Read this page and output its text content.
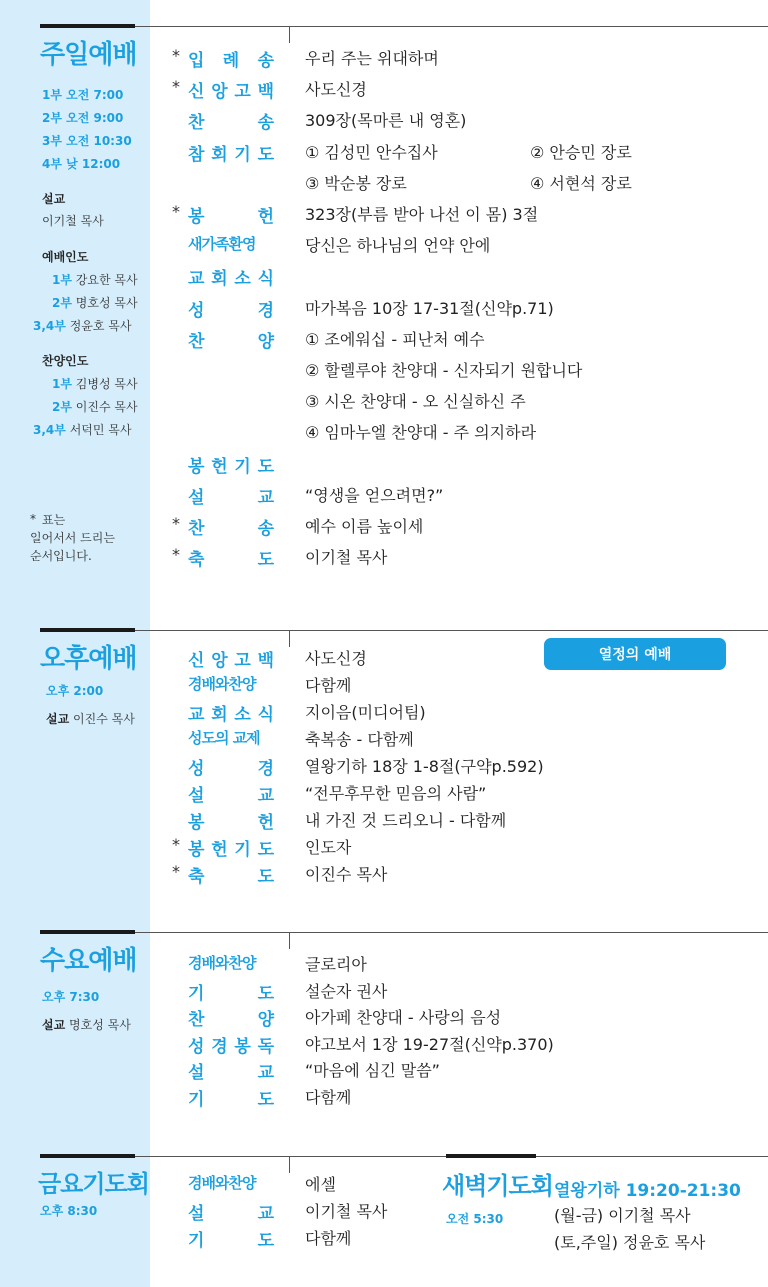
주일예배
1부 오전 7:00
2부 오전 9:00
3부 오전 10:30
4부 낮 12:00
설교
이기철 목사
예배인도
1부 강요한 목사
2부 명호성 목사
3,4부 정윤호 목사
찬양인도
1부 김병성 목사
2부 이진수 목사
3,4부 서덕민 목사
* 표는
일어서서 드리는
순서입니다.
* 입 례 송 우리 주는 위대하며
* 신 앙 고 백 사도신경
찬	송 309장(목마른 내 영혼)
참 회 기 도 ① 김성민 안수집사	② 안승민 장로
③ 박순봉 장로	④ 서현석 장로
* 봉	헌 323장(부름 받아 나선 이 몸) 3절
새가족환영	당신은 하나님의 언약 안에
교 회 소 식
성	경 마가복음 10장 17-31절(신약p.71)
찬	양 ① 조에워십 - 피난처 예수
② 할렐루야 찬양대 - 신자되기 원합니다
③ 시온 찬양대 - 오 신실하신 주
④ 임마누엘 찬양대 - 주 의지하라
봉 헌 기 도
설	교 “영생을 얻으려면?”
* 찬	송 예수 이름 높이세
* 축	도 이기철 목사
오후예배
오후 2:00
설교 이진수 목사
열정의 예배
신 앙 고 백 사도신경
경배와찬양	다함께
교 회 소 식 지이음(미디어팀)
성도의 교제	축복송 - 다함께
성	경 열왕기하 18장 1-8절(구약p.592)
설	교 “전무후무한 믿음의 사람”
봉	헌 내 가진 것 드리오니 - 다함께
* 봉 헌 기 도 인도자
* 축	도 이진수 목사
수요예배
오후 7:30
설교 명호성 목사
경배와찬양	글로리아
기	도 설순자 권사
찬	양 아가페 찬양대 - 사랑의 음성
성 경 봉 독 야고보서 1장 19-27절(신약p.370)
설	교 “마음에 심긴 말씀”
기	도 다함께
금요기도회
오후 8:30
경배와찬양	에셀
설	교 이기철 목사
기	도 다함께
새벽기도회
오전 5:30
열왕기하 19:20-21:30
(월-금) 이기철 목사
(토,주일) 정윤호 목사
